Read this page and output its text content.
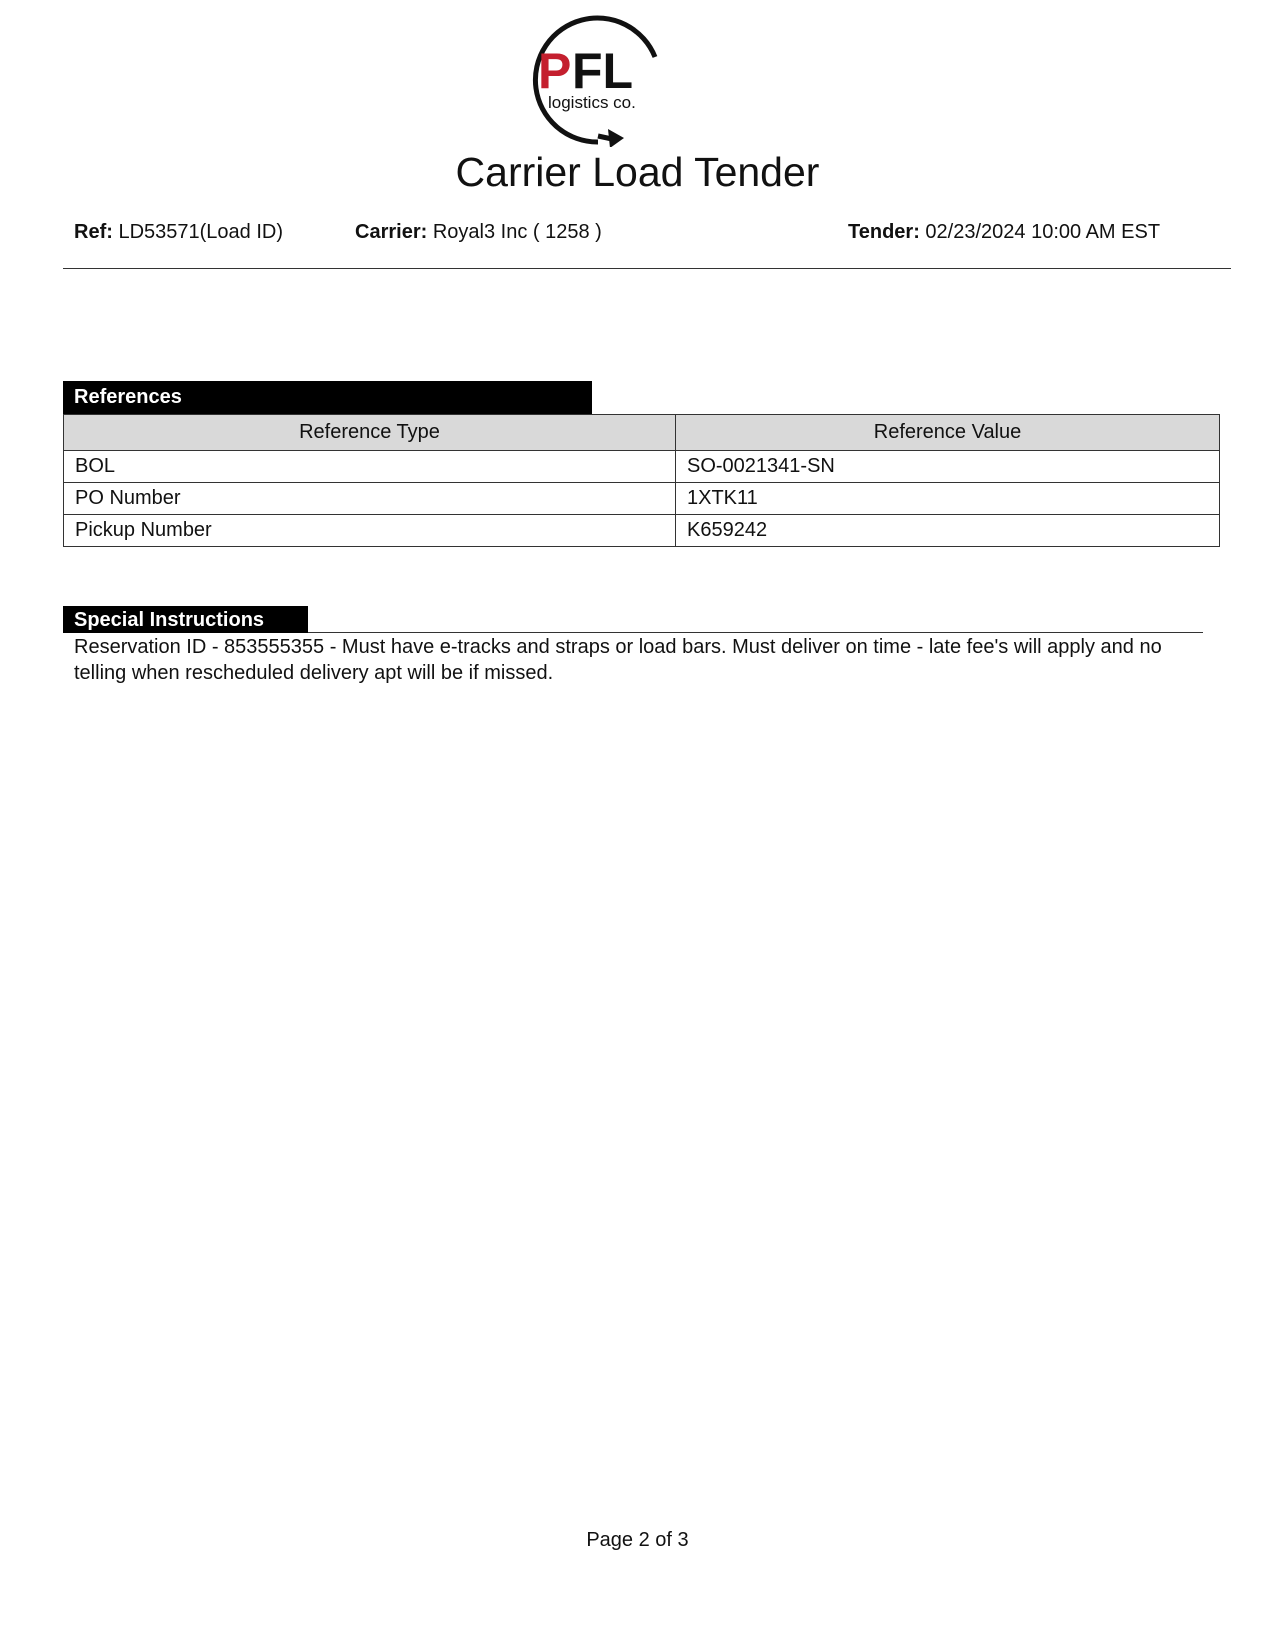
P FL
logistics co.
Carrier Load Tender
Ref: LD53571(Load ID)	Carrier: Royal3 Inc ( 1258 )	Tender: 02/23/2024 10:00 AM EST
References
Reference Type	Reference Value
BOL	SO-0021341-SN
PO Number	1XTK11
Pickup Number	K659242
Special Instructions
Reservation ID - 853555355 - Must have e-tracks and straps or load bars. Must deliver on time - late fee's will apply and no telling when rescheduled delivery apt will be if missed.
Page 2 of 3
